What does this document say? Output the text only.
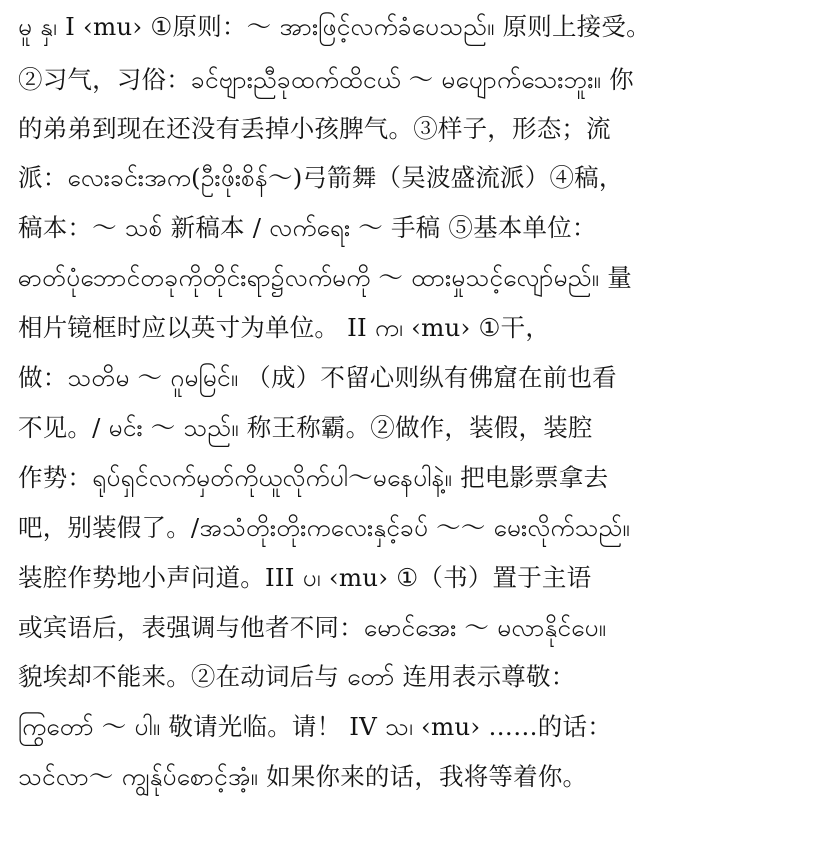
မူ နှ၊ I ‹mu› ①原则：～ အားဖြင့်လက်ခံပေသည်။ 原则上接受。
②习气，习俗：ခင်ဗျားညီခုထက်ထိငယ် ～ မပျောက်သေးဘူး။ 你
的弟弟到现在还没有丢掉小孩脾气。③样子，形态；流
派：လေးခင်းအက(ဦးဖိုးစိန်～)弓箭舞（吴波盛流派）④稿，
稿本：～ သစ် 新稿本 / လက်ရေး ～ 手稿 ⑤基本单位：
ဓာတ်ပုံဘောင်တခုကိုတိုင်းရာ၌လက်မကို ～ ထားမှုသင့်လျော်မည်။ 量
相片镜框时应以英寸为单位。 II က၊ ‹mu› ①干，
做：သတိမ ～ ဂူမမြင်။ （成）不留心则纵有佛窟在前也看
不见。/ မင်း ～ သည်။ 称王称霸。②做作，装假，装腔
作势：ရုပ်ရှင်လက်မှတ်ကိုယူလိုက်ပါ～မနေပါနဲ့။ 把电影票拿去
吧，别装假了。/အသံတိုးတိုးကလေးနှင့်ခပ် ～～ မေးလိုက်သည်။
装腔作势地小声问道。III ပ၊ ‹mu› ①（书）置于主语
或宾语后，表强调与他者不同：မောင်အေး ～ မလာနိုင်ပေ။
貌埃却不能来。②在动词后与 တော် 连用表示尊敬：
ကြွတော် ～ ပါ။ 敬请光临。请！ IV သ၊ ‹mu› ……的话：
သင်လာ～ ကျွန်ုပ်စောင့်အံ့။ 如果你来的话，我将等着你。
